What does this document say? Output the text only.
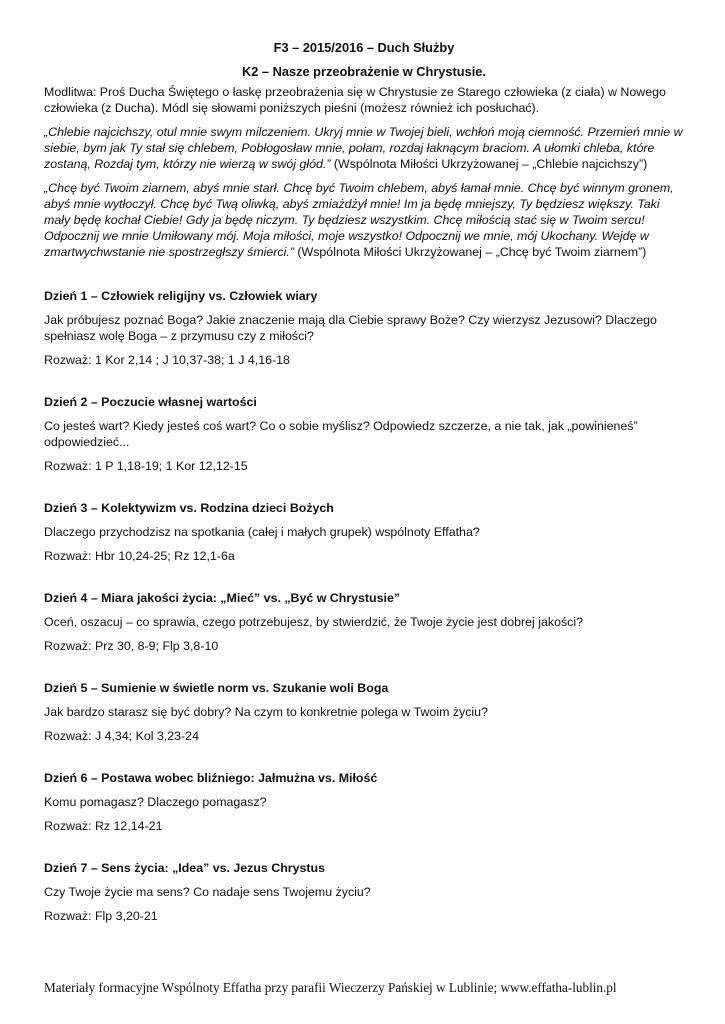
F3 – 2015/2016 – Duch Służby

K2 – Nasze przeobrażenie w Chrystusie.

Modlitwa: Proś Ducha Świętego o łaskę przeobrażenia się w Chrystusie ze Starego człowieka (z ciała) w Nowego człowieka (z Ducha). Módl się słowami poniższych pieśni (możesz również ich posłuchać).

„Chlebie najcichszy, otul mnie swym milczeniem. Ukryj mnie w Twojej bieli, wchłoń moją ciemność. Przemień mnie w siebie, bym jak Ty stał się chlebem, Pobłogosław mnie, połam, rozdaj łaknącym braciom. A ułomki chleba, które zostaną, Rozdaj tym, którzy nie wierzą w swój głód.” (Wspólnota Miłości Ukrzyżowanej – „Chlebie najcichszy”)

„Chcę być Twoim ziarnem, abyś mnie starł. Chcę być Twoim chlebem, abyś łamał mnie. Chcę być winnym gronem, abyś mnie wytłoczył. Chcę być Twą oliwką, abyś zmiażdżył mnie! Im ja będę mniejszy, Ty będziesz większy. Taki mały będę kochał Ciebie! Gdy ja będę niczym. Ty będziesz wszystkim. Chcę miłością stać się w Twoim sercu! Odpocznij we mnie Umiłowany mój. Moja miłości, moje wszystko! Odpocznij we mnie, mój Ukochany. Wejdę w zmartwychwstanie nie spostrzegłszy śmierci.” (Wspólnota Miłości Ukrzyżowanej – „Chcę być Twoim ziarnem”)

Dzień 1 – Człowiek religijny vs. Człowiek wiary

Jak próbujesz poznać Boga? Jakie znaczenie mają dla Ciebie sprawy Boże? Czy wierzysz Jezusowi? Dlaczego spełniasz wolę Boga – z przymusu czy z miłości?

Rozważ: 1 Kor 2,14 ; J 10,37-38; 1 J 4,16-18

Dzień 2 – Poczucie własnej wartości

Co jesteś wart? Kiedy jesteś coś wart? Co o sobie myślisz? Odpowiedz szczerze, a nie tak, jak „powinieneś” odpowiedzieć...

Rozważ: 1 P 1,18-19; 1 Kor 12,12-15

Dzień 3 – Kolektywizm vs. Rodzina dzieci Bożych

Dlaczego przychodzisz na spotkania (całej i małych grupek) wspólnoty Effatha?

Rozważ: Hbr 10,24-25; Rz 12,1-6a

Dzień 4 – Miara jakości życia: „Mieć” vs. „Być w Chrystusie”

Oceń, oszacuj – co sprawia, czego potrzebujesz, by stwierdzić, że Twoje życie jest dobrej jakości?

Rozważ: Prz 30, 8-9; Flp 3,8-10

Dzień 5 – Sumienie w świetle norm vs. Szukanie woli Boga

Jak bardzo starasz się być dobry? Na czym to konkretnie polega w Twoim życiu?

Rozważ: J 4,34; Kol 3,23-24

Dzień 6 – Postawa wobec bliźniego: Jałmużna vs. Miłość

Komu pomagasz? Dlaczego pomagasz?

Rozważ: Rz 12,14-21

Dzień 7 – Sens życia: „Idea” vs. Jezus Chrystus

Czy Twoje życie ma sens? Co nadaje sens Twojemu życiu?

Rozważ: Flp 3,20-21

Materiały formacyjne Wspólnoty Effatha przy parafii Wieczerzy Pańskiej w Lublinie; www.effatha-lublin.pl
